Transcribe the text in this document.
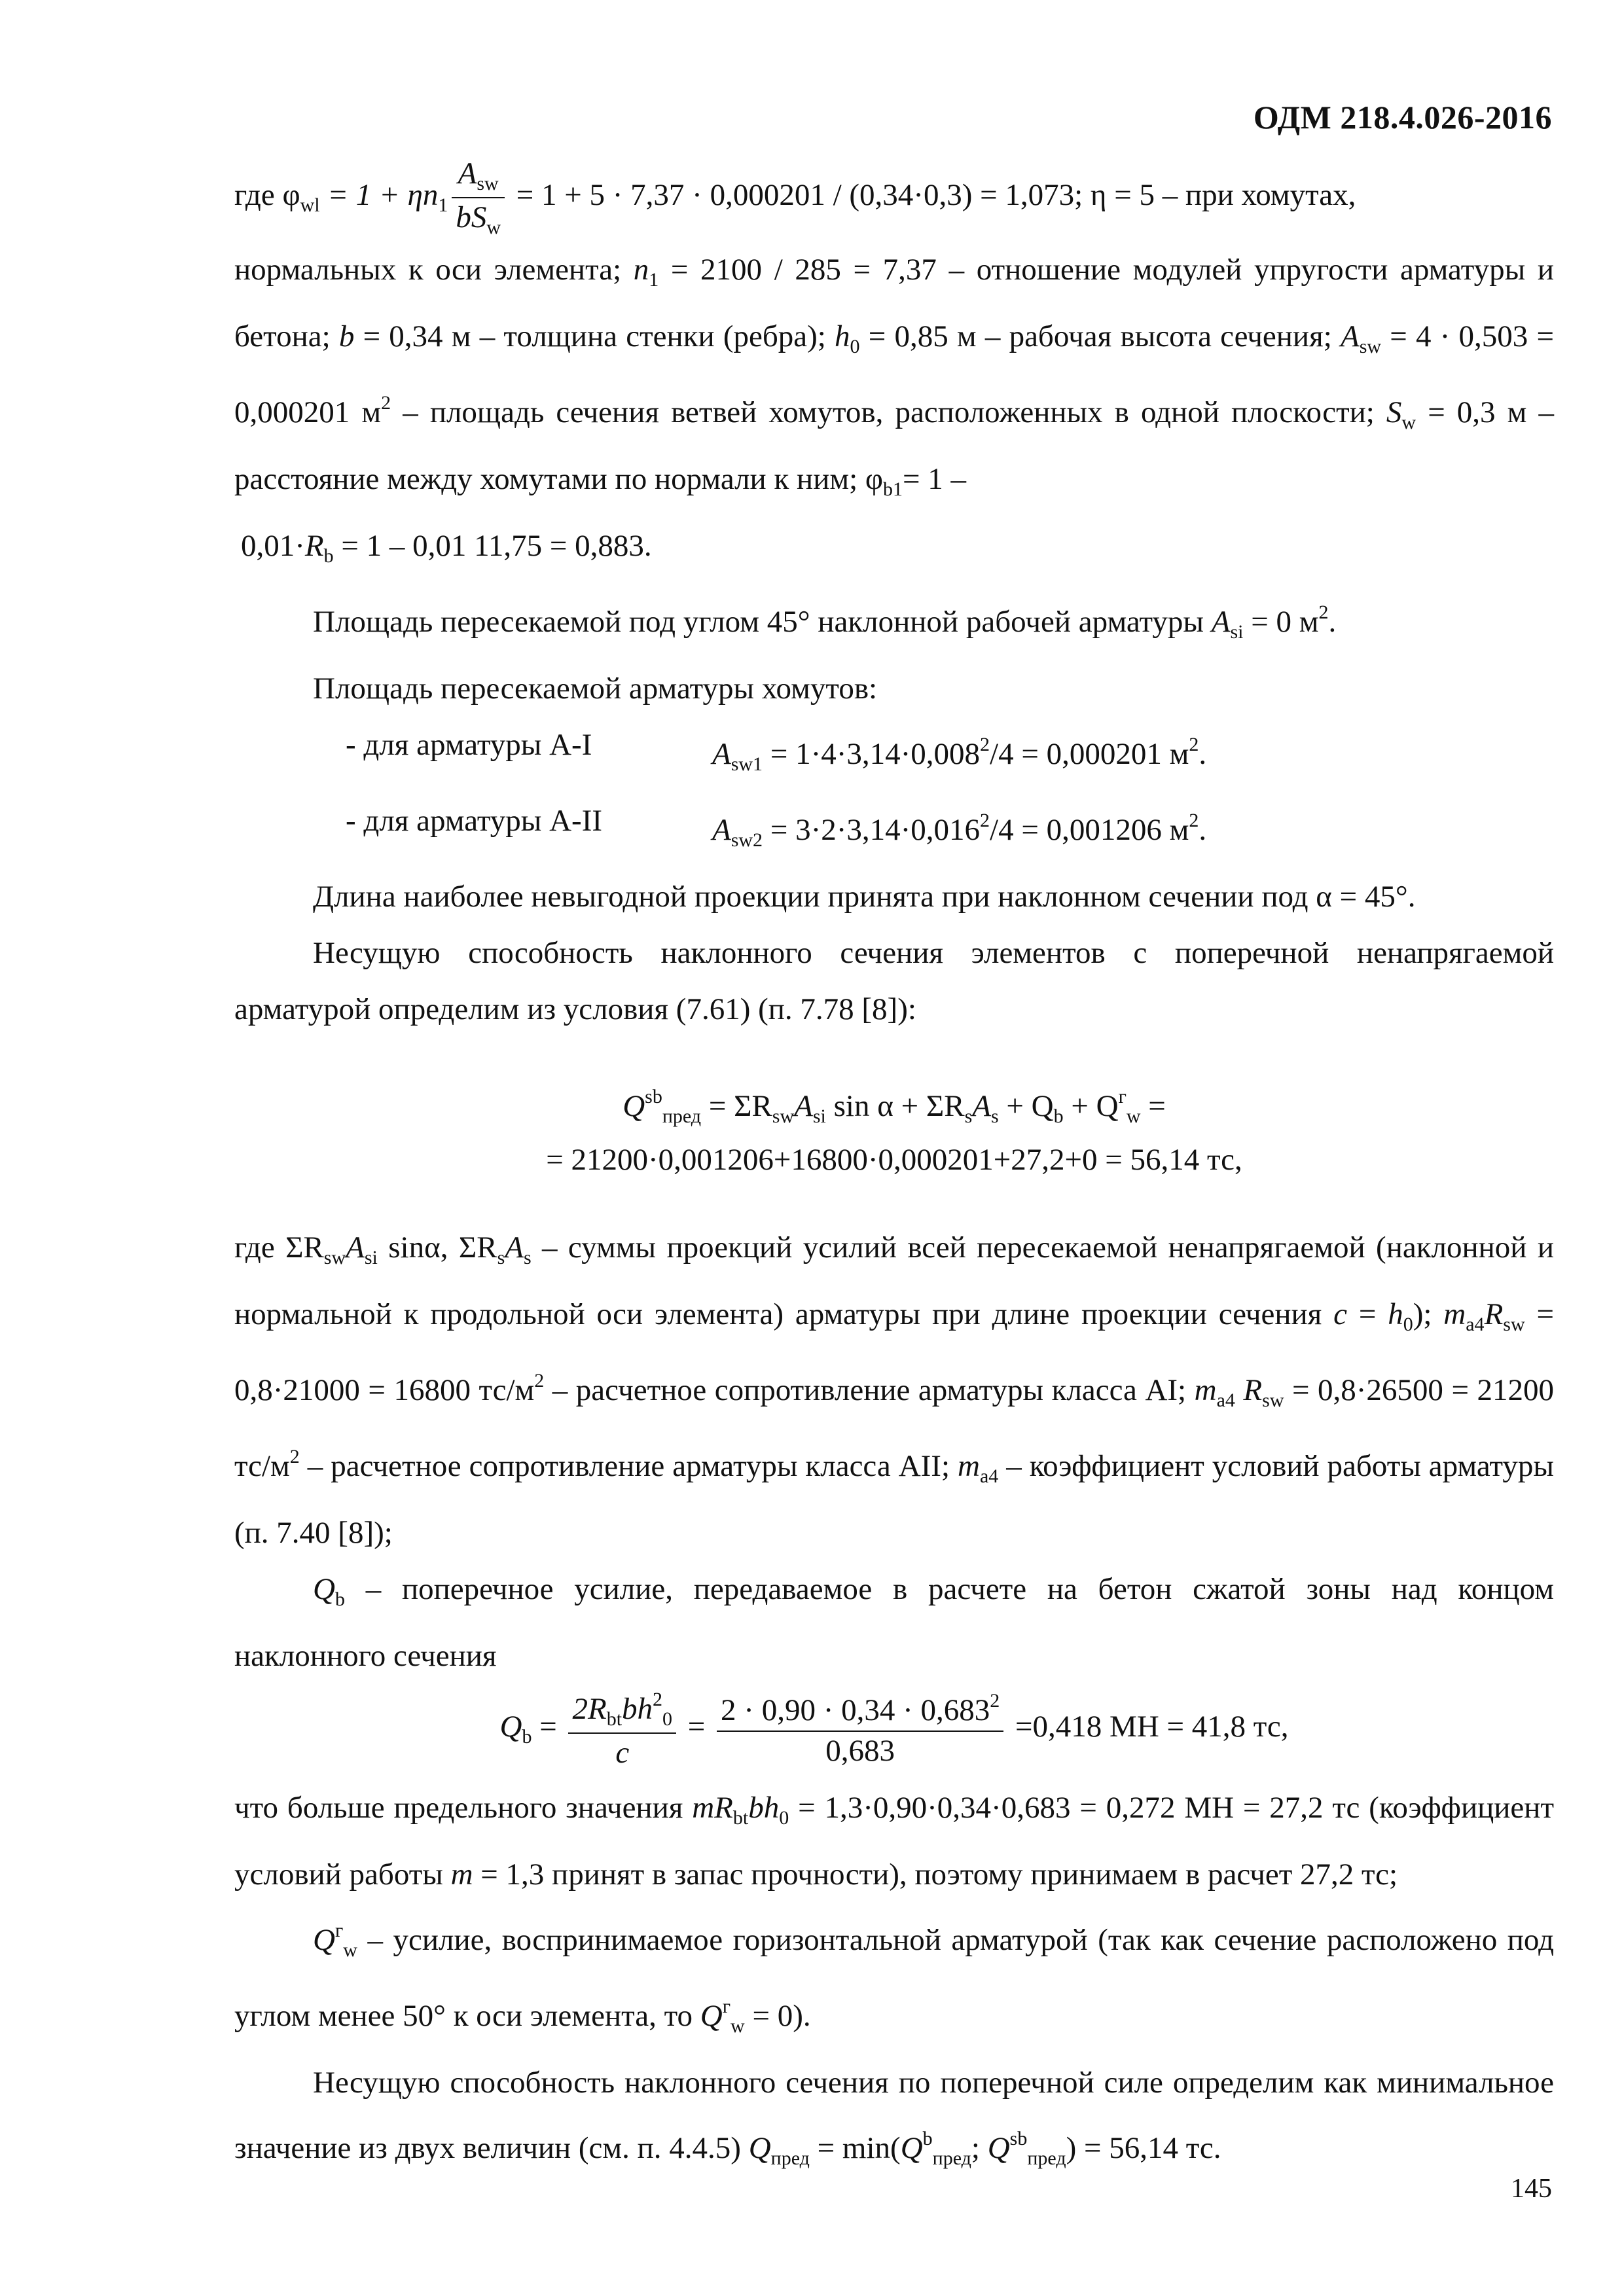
ОДМ 218.4.026-2016

где $\varphi_{wl} = 1 + \eta n_1 \frac{A_{sw}}{bS_w} = 1 + 5 \cdot 7,37 \cdot 0,000201 / (0,34\cdot 0,3) = 1,073$; η = 5 – при хомутах,

нормальных к оси элемента; $n_1 = 2100 / 285 = 7,37$ – отношение модулей упругости арматуры и бетона; b = 0,34 м – толщина стенки (ребра); $h_0 = 0,85$ м – рабочая высота сечения; $A_{sw} = 4 \cdot 0,503 = 0,000201$ $м^2$ – площадь сечения ветвей хомутов, расположенных в одной плоскости; $S_w = 0,3$ м – расстояние между хомутами по нормали к ним; $\varphi_{b1}= 1$ –

$0,01\cdot R_b = 1 - 0,01$ 11,75 = 0,883.

Площадь пересекаемой под углом 45° наклонной рабочей арматуры $A_{si} = 0$ $м^2$.

Площадь пересекаемой арматуры хомутов:

- для арматуры А-I	$A_{sw1} = 1\cdot 4\cdot 3,14\cdot 0,008^2/4 = 0,000201$ $м^2$.

- для арматуры А-II	$A_{sw2} = 3\cdot 2\cdot 3,14\cdot 0,016^2/4 = 0,001206$ $м^2$.

Длина наиболее невыгодной проекции принята при наклонном сечении под α = 45°.

Несущую способность наклонного сечения элементов с поперечной ненапрягаемой арматурой определим из условия (7.61) (п. 7.78 [8]):

$Q^{sb}_{пред} = \Sigma R_{sw}A_{si}$ $\sin \alpha + \Sigma R_sA_s + Q_b + Q^г_w$ =

= 21200·0,001206+16800·0,000201+27,2+0 = 56,14 тс,

где $\Sigma R_{sw}A_{si}$ sinα, $\Sigma R_sA_s$ – суммы проекций усилий всей пересекаемой ненапрягаемой (наклонной и нормальной к продольной оси элемента) арматуры при длине проекции сечения $c = h_0$); $m_{a4}R_{sw} = 0,8\cdot 21000 = 16800$ $тс/м^2$ – расчетное сопротивление арматуры класса AI; $m_{a4}$ $R_{sw} = 0,8\cdot 26500 = 21200$ $тс/м^2$ – расчетное сопротивление арматуры класса AII; $m_{a4}$ – коэффициент условий работы арматуры (п. 7.40 [8]);

$Q_b$ – поперечное усилие, передаваемое в расчете на бетон сжатой зоны над концом наклонного сечения

$Q_b = \frac{2R_{bt}bh^2_0}{c} = \frac{2 \cdot 0,90 \cdot 0,34 \cdot 0,683^2}{0,683} =0,418$ МН = 41,8 тс,

что больше предельного значения $mR_{bt}bh_0 = 1,3\cdot 0,90\cdot 0,34\cdot 0,683 = 0,272$ МН = 27,2 тс (коэффициент условий работы m = 1,3 принят в запас прочности), поэтому принимаем в расчет 27,2 тс;

$Q^г_w$ – усилие, воспринимаемое горизонтальной арматурой (так как сечение расположено под углом менее 50° к оси элемента, то $Q^г_w = 0$).

Несущую способность наклонного сечения по поперечной силе определим как минимальное значение из двух величин (см. п. 4.4.5) $Q_{пред} = \min(Q^b_{пред}$; $Q^{sb}_{пред}) = 56,14$ тс.

145
